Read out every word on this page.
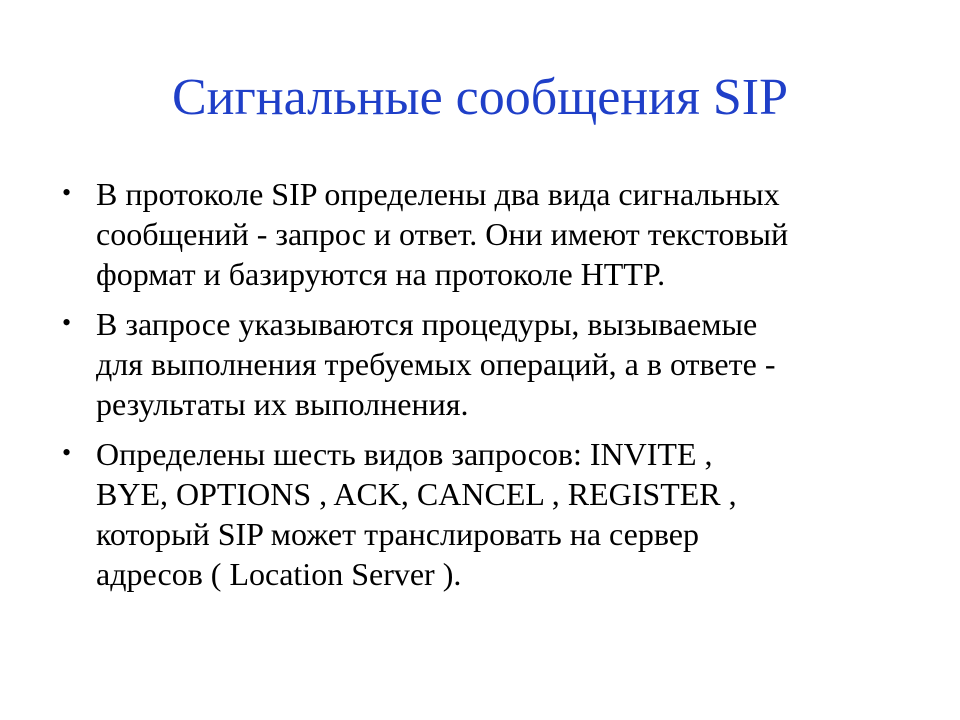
Сигнальные сообщения SIP
• В протоколе SIP определены два вида сигнальных
сообщений - запрос и ответ. Они имеют текстовый
формат и базируются на протоколе HTTP.
• В запросе указываются процедуры, вызываемые
для выполнения требуемых операций, а в ответе -
результаты их выполнения.
• Определены шесть видов запросов: INVITE ,
BYE, OPTIONS , ACK, CANCEL , REGISTER ,
который SIP может транслировать на сервер
адресов ( Location Server ).
